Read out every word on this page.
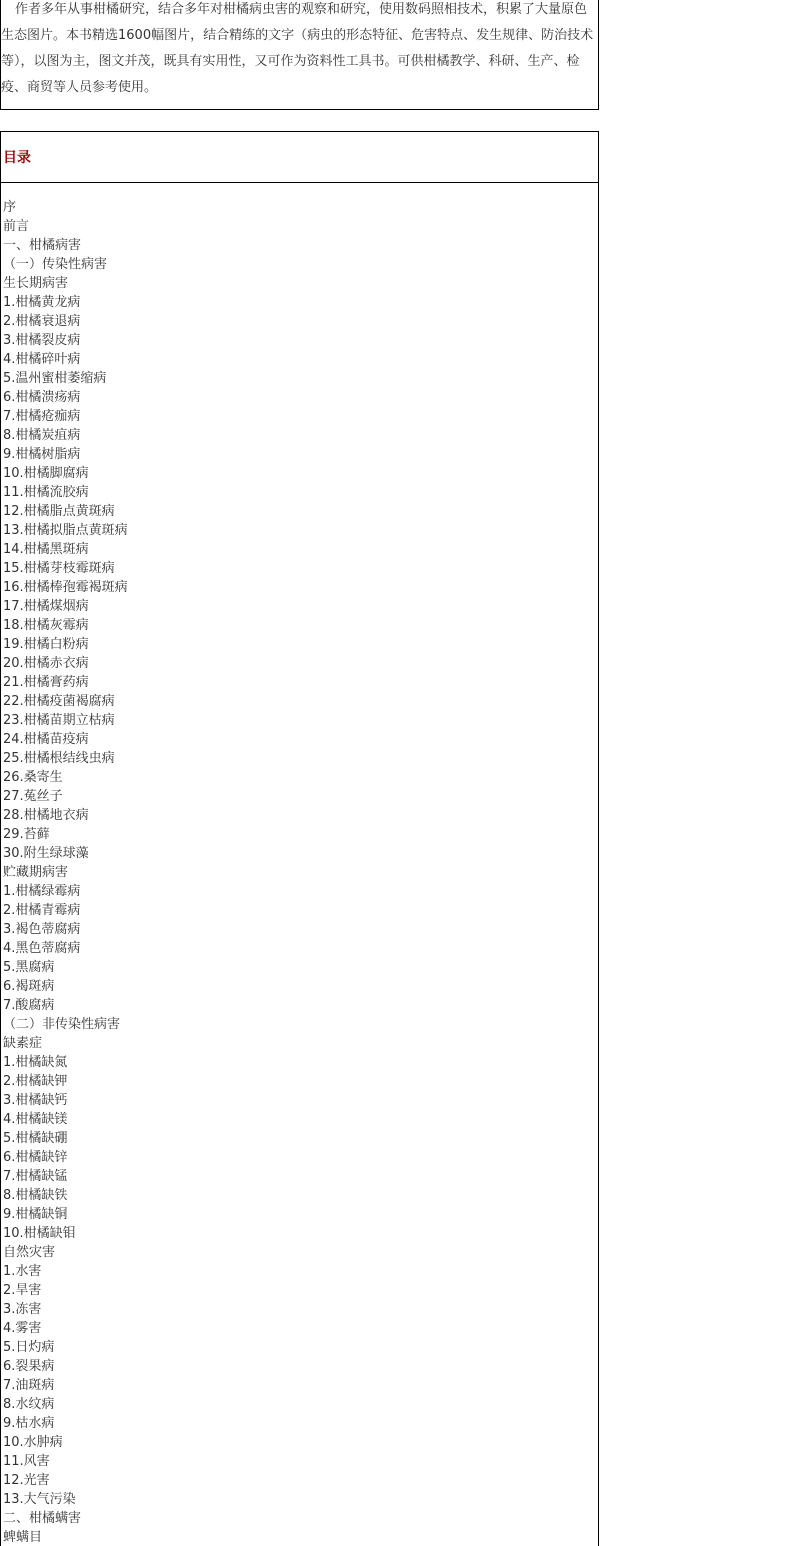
作者多年从事柑橘研究，结合多年对柑橘病虫害的观察和研究，使用数码照相技术，积累了大量原色生态图片。本书精选1600幅图片，结合精练的文字（病虫的形态特征、危害特点、发生规律、防治技术等），以图为主，图文并茂，既具有实用性，又可作为资料性工具书。可供柑橘教学、科研、生产、检疫、商贸等人员参考使用。

目录
序
前言
一、柑橘病害
（一）传染性病害
生长期病害
1.柑橘黄龙病
2.柑橘衰退病
3.柑橘裂皮病
4.柑橘碎叶病
5.温州蜜柑萎缩病
6.柑橘溃疡病
7.柑橘疮痂病
8.柑橘炭疽病
9.柑橘树脂病
10.柑橘脚腐病
11.柑橘流胶病
12.柑橘脂点黄斑病
13.柑橘拟脂点黄斑病
14.柑橘黑斑病
15.柑橘芽枝霉斑病
16.柑橘棒孢霉褐斑病
17.柑橘煤烟病
18.柑橘灰霉病
19.柑橘白粉病
20.柑橘赤衣病
21.柑橘膏药病
22.柑橘疫菌褐腐病
23.柑橘苗期立枯病
24.柑橘苗疫病
25.柑橘根结线虫病
26.桑寄生
27.菟丝子
28.柑橘地衣病
29.苔藓
30.附生绿球藻
贮藏期病害
1.柑橘绿霉病
2.柑橘青霉病
3.褐色蒂腐病
4.黑色蒂腐病
5.黑腐病
6.褐斑病
7.酸腐病
（二）非传染性病害
缺素症
1.柑橘缺氮
2.柑橘缺钾
3.柑橘缺钙
4.柑橘缺镁
5.柑橘缺硼
6.柑橘缺锌
7.柑橘缺锰
8.柑橘缺铁
9.柑橘缺铜
10.柑橘缺钼
自然灾害
1.水害
2.旱害
3.冻害
4.雾害
5.日灼病
6.裂果病
7.油斑病
8.水纹病
9.枯水病
10.水肿病
11.风害
12.光害
13.大气污染
二、柑橘螨害
蜱螨目
